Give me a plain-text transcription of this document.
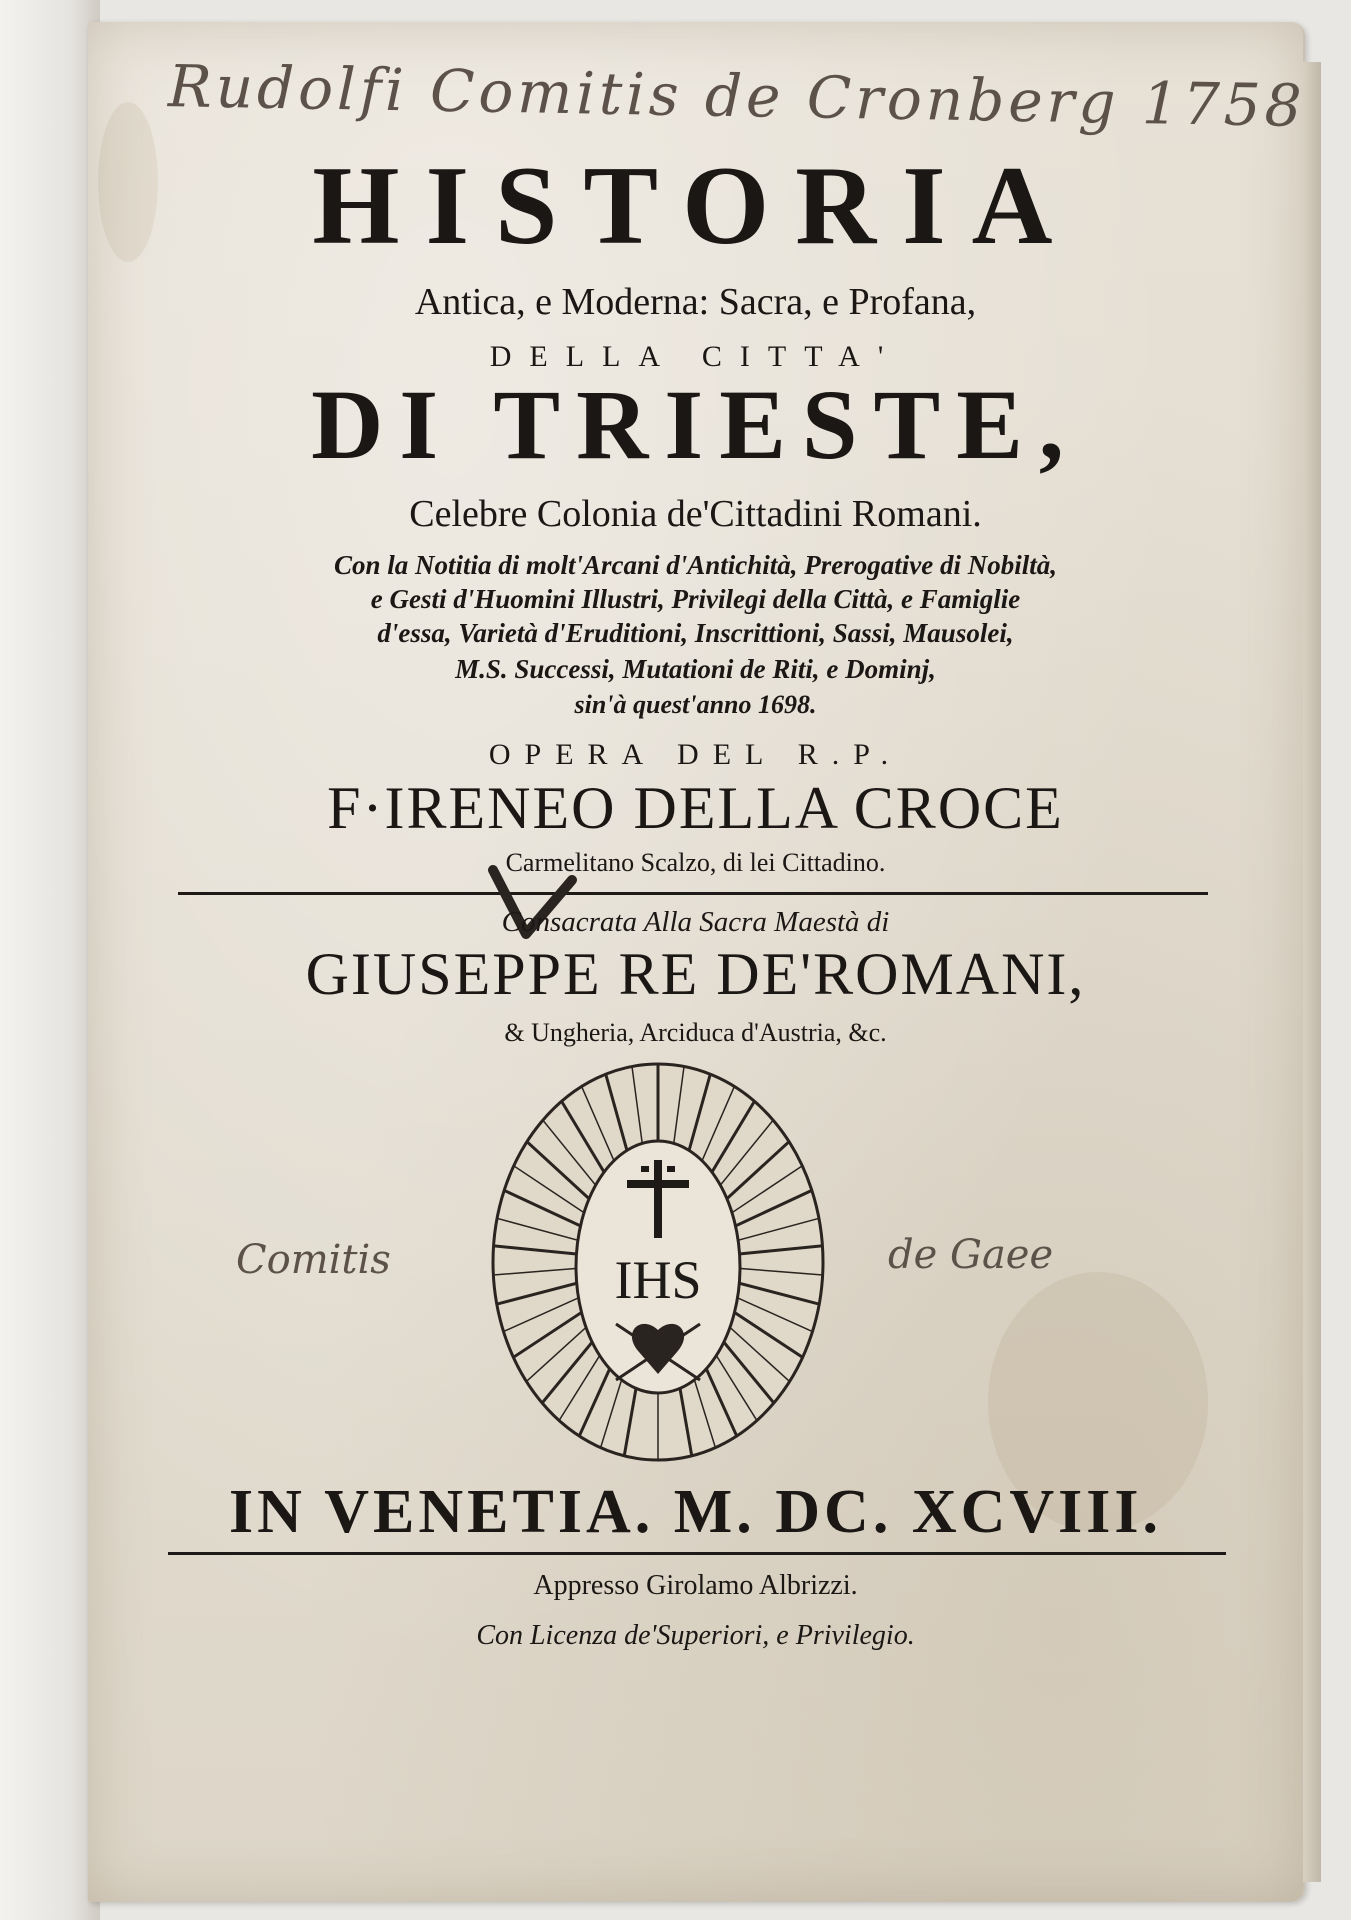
Rudolfi Comitis de Cronberg 1758
HISTORIA
Antica, e Moderna: Sacra, e Profana,
DELLA CITTA'
DI TRIESTE,
Celebre Colonia de'Cittadini Romani.
Con la Notitia di molt'Arcani d'Antichità, Prerogative di Nobiltà,
e Gesti d'Huomini Illustri, Privilegi della Città, e Famiglie
d'essa, Varietà d'Eruditioni, Inscrittioni, Sassi, Mausolei,
M.S. Successi, Mutationi de Riti, e Dominj,
sin'à quest'anno 1698.
OPERA DEL R.P.
F·IRENEO DELLA CROCE
Carmelitano Scalzo, di lei Cittadino.
Consacrata Alla Sacra Maestà di
GIUSEPPE RE DE'ROMANI,
& Ungheria, Arciduca d'Austria, &c.
IHS
Comitis	de Gaee
IN VENETIA. M. DC. XCVIII.
Appresso Girolamo Albrizzi.
Con Licenza de'Superiori, e Privilegio.
